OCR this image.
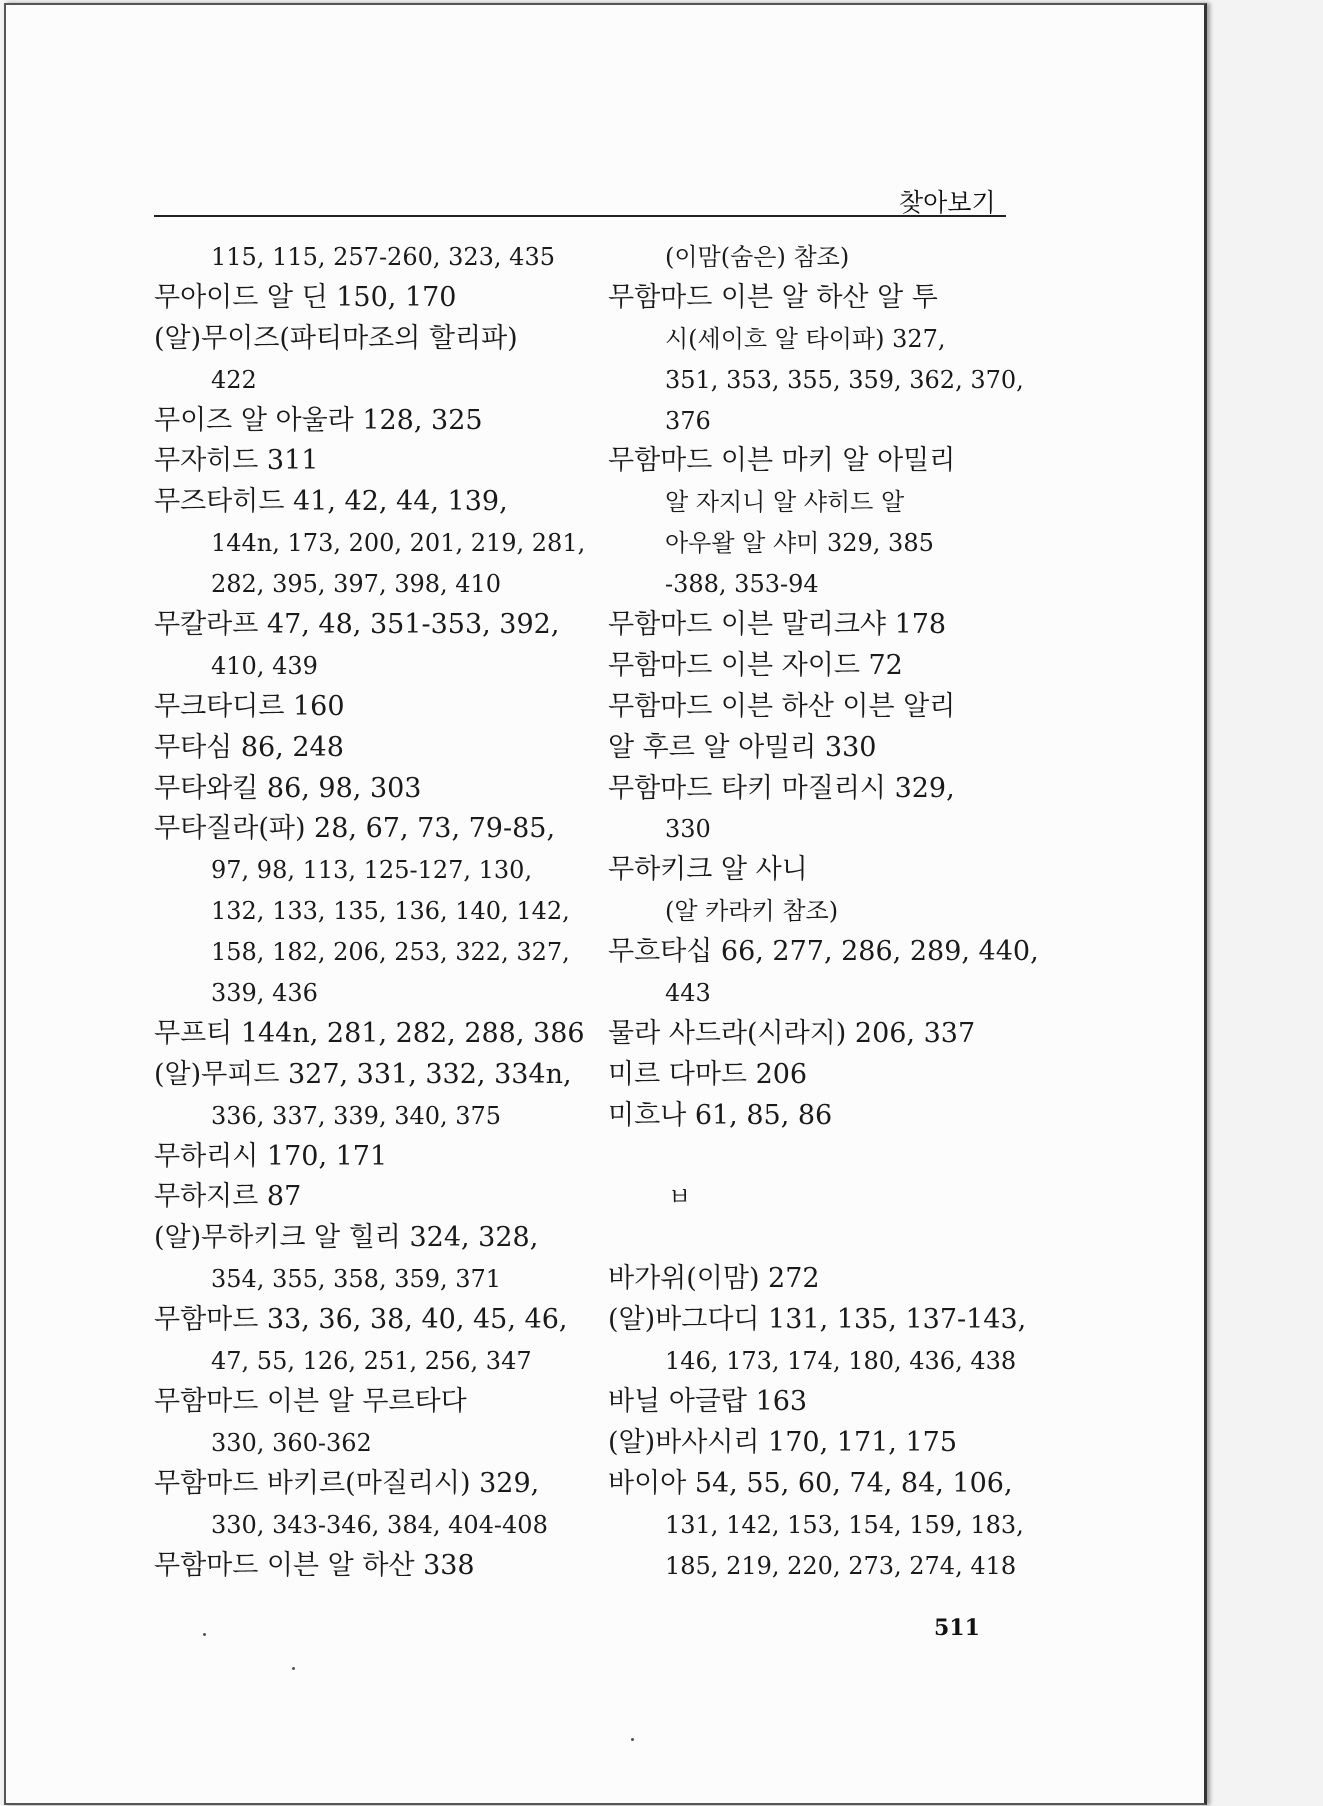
찾아보기
115, 115, 257-260, 323, 435
무아이드 알 딘 150, 170
(알)무이즈(파티마조의 할리파)
422
무이즈 알 아울라 128, 325
무자히드 311
무즈타히드 41, 42, 44, 139,
144n, 173, 200, 201, 219, 281,
282, 395, 397, 398, 410
무칼라프 47, 48, 351-353, 392,
410, 439
무크타디르 160
무타심 86, 248
무타와킬 86, 98, 303
무타질라(파) 28, 67, 73, 79-85,
97, 98, 113, 125-127, 130,
132, 133, 135, 136, 140, 142,
158, 182, 206, 253, 322, 327,
339, 436
무프티 144n, 281, 282, 288, 386
(알)무피드 327, 331, 332, 334n,
336, 337, 339, 340, 375
무하리시 170, 171
무하지르 87
(알)무하키크 알 힐리 324, 328,
354, 355, 358, 359, 371
무함마드 33, 36, 38, 40, 45, 46,
47, 55, 126, 251, 256, 347
무함마드 이븐 알 무르타다
330, 360-362
무함마드 바키르(마질리시) 329,
330, 343-346, 384, 404-408
무함마드 이븐 알 하산 338
(이맘(숨은) 참조)
무함마드 이븐 알 하산 알 투
시(세이흐 알 타이파) 327,
351, 353, 355, 359, 362, 370,
376
무함마드 이븐 마키 알 아밀리
알 자지니 알 샤히드 알
아우왈 알 샤미 329, 385
-388, 353-94
무함마드 이븐 말리크샤 178
무함마드 이븐 자이드 72
무함마드 이븐 하산 이븐 알리
알 후르 알 아밀리 330
무함마드 타키 마질리시 329,
330
무하키크 알 사니
(알 카라키 참조)
무흐타십 66, 277, 286, 289, 440,
443
물라 사드라(시라지) 206, 337
미르 다마드 206
미흐나 61, 85, 86
ㅂ
바가위(이맘) 272
(알)바그다디 131, 135, 137-143,
146, 173, 174, 180, 436, 438
바닐 아글랍 163
(알)바사시리 170, 171, 175
바이아 54, 55, 60, 74, 84, 106,
131, 142, 153, 154, 159, 183,
185, 219, 220, 273, 274, 418
511
